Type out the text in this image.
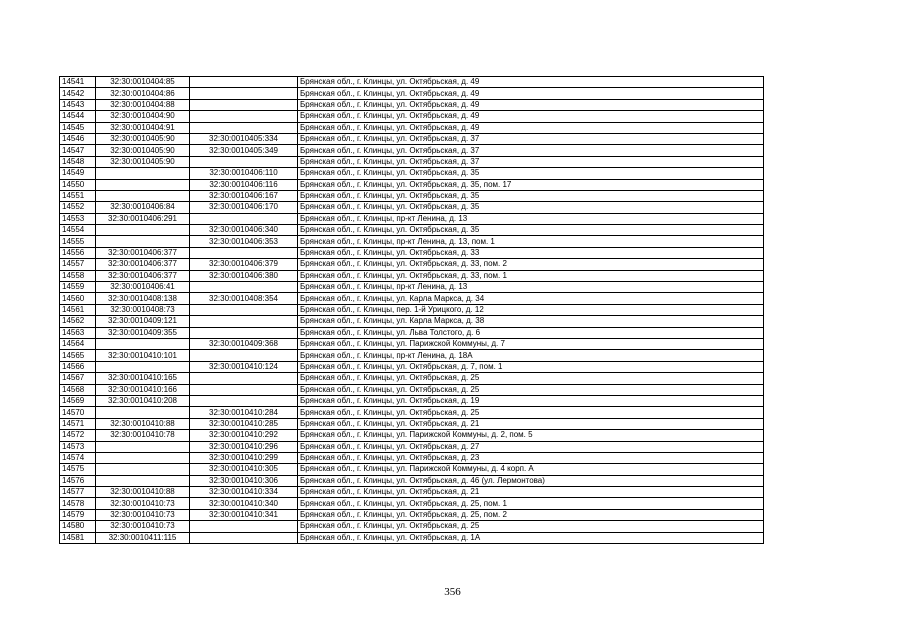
14541	32:30:0010404:85		Брянская обл., г. Клинцы, ул. Октябрьская, д. 49
14542	32:30:0010404:86		Брянская обл., г. Клинцы, ул. Октябрьская, д. 49
14543	32:30:0010404:88		Брянская обл., г. Клинцы, ул. Октябрьская, д. 49
14544	32:30:0010404:90		Брянская обл., г. Клинцы, ул. Октябрьская, д. 49
14545	32:30:0010404:91		Брянская обл., г. Клинцы, ул. Октябрьская, д. 49
14546	32:30:0010405:90	32:30:0010405:334	Брянская обл., г. Клинцы, ул. Октябрьская, д. 37
14547	32:30:0010405:90	32:30:0010405:349	Брянская обл., г. Клинцы, ул. Октябрьская, д. 37
14548	32:30:0010405:90		Брянская обл., г. Клинцы, ул. Октябрьская, д. 37
14549		32:30:0010406:110	Брянская обл., г. Клинцы, ул. Октябрьская, д. 35
14550		32:30:0010406:116	Брянская обл., г. Клинцы, ул. Октябрьская, д. 35, пом. 17
14551		32:30:0010406:167	Брянская обл., г. Клинцы, ул. Октябрьская, д. 35
14552	32:30:0010406:84	32:30:0010406:170	Брянская обл., г. Клинцы, ул. Октябрьская, д. 35
14553	32:30:0010406:291		Брянская обл., г. Клинцы, пр-кт Ленина, д. 13
14554		32:30:0010406:340	Брянская обл., г. Клинцы, ул. Октябрьская, д. 35
14555		32:30:0010406:353	Брянская обл., г. Клинцы, пр-кт Ленина, д. 13, пом. 1
14556	32:30:0010406:377		Брянская обл., г. Клинцы, ул. Октябрьская, д. 33
14557	32:30:0010406:377	32:30:0010406:379	Брянская обл., г. Клинцы, ул. Октябрьская, д. 33, пом. 2
14558	32:30:0010406:377	32:30:0010406:380	Брянская обл., г. Клинцы, ул. Октябрьская, д. 33, пом. 1
14559	32:30:0010406:41		Брянская обл., г. Клинцы, пр-кт Ленина, д. 13
14560	32:30:0010408:138	32:30:0010408:354	Брянская обл., г. Клинцы, ул. Карла Маркса, д. 34
14561	32:30:0010408:73		Брянская обл., г. Клинцы, пер. 1-й Урицкого, д. 12
14562	32:30:0010409:121		Брянская обл., г. Клинцы, ул. Карла Маркса, д. 38
14563	32:30:0010409:355		Брянская обл., г. Клинцы, ул. Льва Толстого, д. 6
14564		32:30:0010409:368	Брянская обл., г. Клинцы, ул. Парижской Коммуны, д. 7
14565	32:30:0010410:101		Брянская обл., г. Клинцы, пр-кт Ленина, д. 18А
14566		32:30:0010410:124	Брянская обл., г. Клинцы, ул. Октябрьская, д. 7, пом. 1
14567	32:30:0010410:165		Брянская обл., г. Клинцы, ул. Октябрьская, д. 25
14568	32:30:0010410:166		Брянская обл., г. Клинцы, ул. Октябрьская, д. 25
14569	32:30:0010410:208		Брянская обл., г. Клинцы, ул. Октябрьская, д. 19
14570		32:30:0010410:284	Брянская обл., г. Клинцы, ул. Октябрьская, д. 25
14571	32:30:0010410:88	32:30:0010410:285	Брянская обл., г. Клинцы, ул. Октябрьская, д. 21
14572	32:30:0010410:78	32:30:0010410:292	Брянская обл., г. Клинцы, ул. Парижской Коммуны, д. 2, пом. 5
14573		32:30:0010410:296	Брянская обл., г. Клинцы, ул. Октябрьская, д. 27
14574		32:30:0010410:299	Брянская обл., г. Клинцы, ул. Октябрьская, д. 23
14575		32:30:0010410:305	Брянская обл., г. Клинцы, ул. Парижской Коммуны, д. 4 корп. А
14576		32:30:0010410:306	Брянская обл., г. Клинцы, ул. Октябрьская, д. 46 (ул. Лермонтова)
14577	32:30:0010410:88	32:30:0010410:334	Брянская обл., г. Клинцы, ул. Октябрьская, д. 21
14578	32:30:0010410:73	32:30:0010410:340	Брянская обл., г. Клинцы, ул. Октябрьская, д. 25, пом. 1
14579	32:30:0010410:73	32:30:0010410:341	Брянская обл., г. Клинцы, ул. Октябрьская, д. 25, пом. 2
14580	32:30:0010410:73		Брянская обл., г. Клинцы, ул. Октябрьская, д. 25
14581	32:30:0010411:115		Брянская обл., г. Клинцы, ул. Октябрьская, д. 1А
356
